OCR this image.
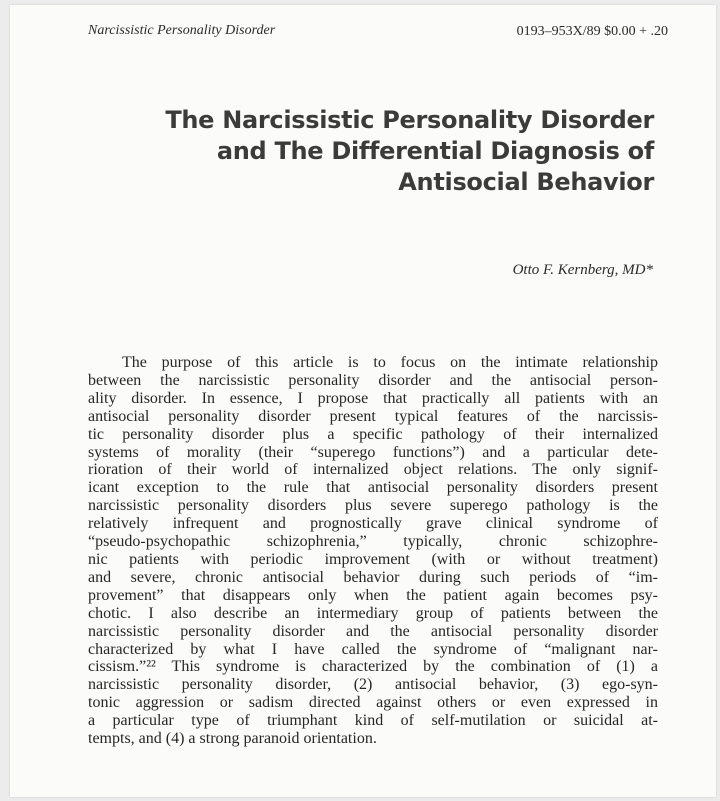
Narcissistic Personality Disorder	0193–953X/89 $0.00 + .20
The Narcissistic Personality Disorder
and The Differential Diagnosis of
Antisocial Behavior
Otto F. Kernberg, MD*
The purpose of this article is to focus on the intimate relationship
between the narcissistic personality disorder and the antisocial person-
ality disorder. In essence, I propose that practically all patients with an
antisocial personality disorder present typical features of the narcissis-
tic personality disorder plus a specific pathology of their internalized
systems of morality (their “superego functions”) and a particular dete-
rioration of their world of internalized object relations. The only signif-
icant exception to the rule that antisocial personality disorders present
narcissistic personality disorders plus severe superego pathology is the
relatively infrequent and prognostically grave clinical syndrome of
“pseudo-psychopathic schizophrenia,” typically, chronic schizophre-
nic patients with periodic improvement (with or without treatment)
and severe, chronic antisocial behavior during such periods of “im-
provement” that disappears only when the patient again becomes psy-
chotic. I also describe an intermediary group of patients between the
narcissistic personality disorder and the antisocial personality disorder
characterized by what I have called the syndrome of “malignant nar-
cissism.”²² This syndrome is characterized by the combination of (1) a
narcissistic personality disorder, (2) antisocial behavior, (3) ego-syn-
tonic aggression or sadism directed against others or even expressed in
a particular type of triumphant kind of self-mutilation or suicidal at-
tempts, and (4) a strong paranoid orientation.
